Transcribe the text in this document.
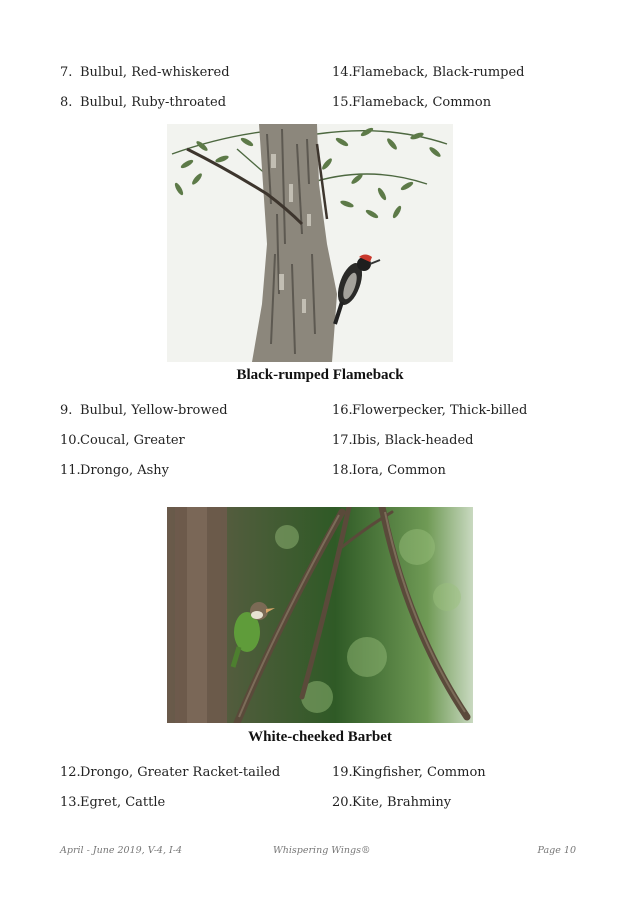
7. Bulbul, Red-whiskered	14.Flameback, Black-rumped
8. Bulbul, Ruby-throated	15.Flameback, Common
Black-rumped Flameback
9. Bulbul, Yellow-browed	16.Flowerpecker, Thick-billed
10.Coucal, Greater	17.Ibis, Black-headed
11.Drongo, Ashy	18.Iora, Common
White-cheeked Barbet
12.Drongo, Greater Racket-tailed	19.Kingfisher, Common
13.Egret, Cattle	20.Kite, Brahminy
April - June 2019, V-4, I-4	Whispering Wings®	Page 10
